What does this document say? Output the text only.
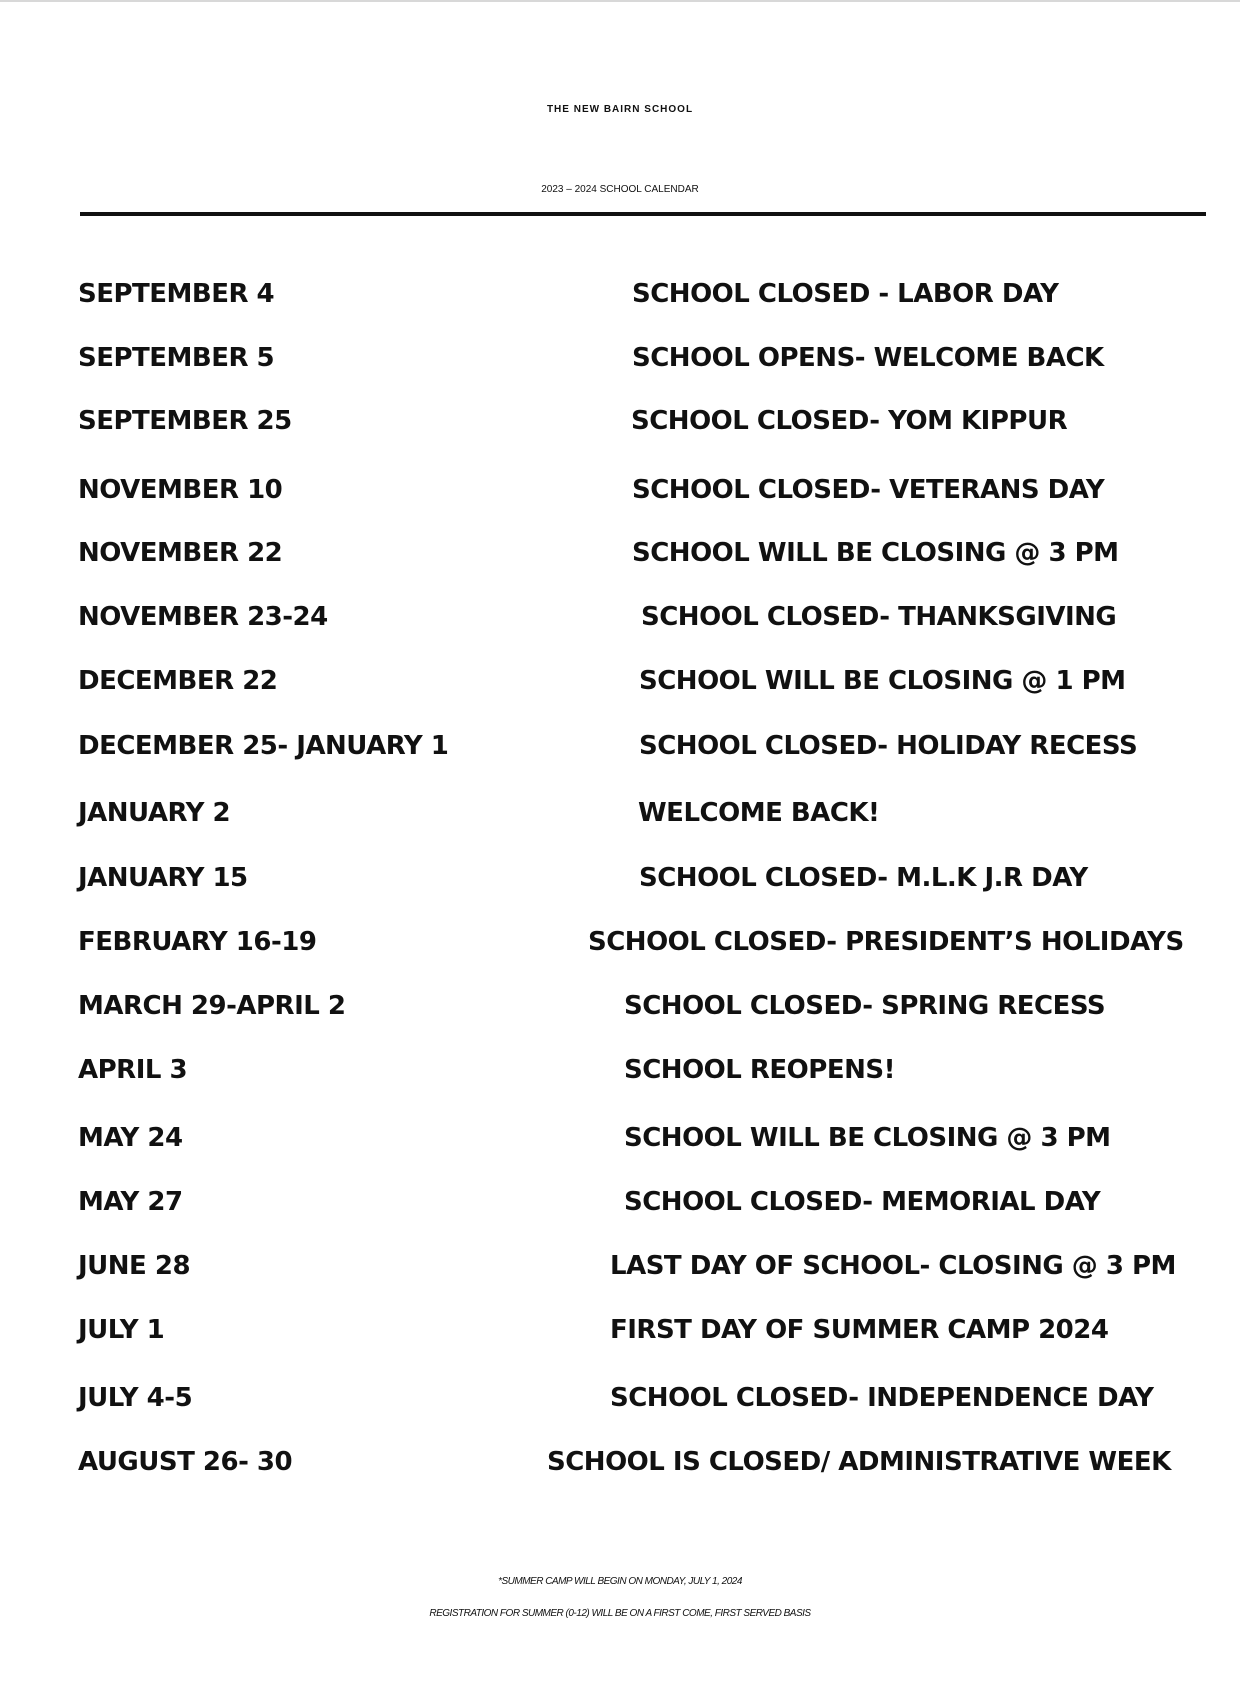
THE NEW BAIRN SCHOOL
2023 – 2024 SCHOOL CALENDAR
SEPTEMBER 4	SCHOOL CLOSED - LABOR DAY
SEPTEMBER 5	SCHOOL OPENS- WELCOME BACK
SEPTEMBER 25	SCHOOL CLOSED- YOM KIPPUR
NOVEMBER 10	SCHOOL CLOSED- VETERANS DAY
NOVEMBER 22	SCHOOL WILL BE CLOSING @ 3 PM
NOVEMBER 23-24	SCHOOL CLOSED- THANKSGIVING
DECEMBER 22	SCHOOL WILL BE CLOSING @ 1 PM
DECEMBER 25- JANUARY 1	SCHOOL CLOSED- HOLIDAY RECESS
JANUARY 2	WELCOME BACK!
JANUARY 15	SCHOOL CLOSED- M.L.K J.R DAY
FEBRUARY 16-19	SCHOOL CLOSED- PRESIDENT’S HOLIDAYS
MARCH 29-APRIL 2	SCHOOL CLOSED- SPRING RECESS
APRIL 3	SCHOOL REOPENS!
MAY 24	SCHOOL WILL BE CLOSING @ 3 PM
MAY 27	SCHOOL CLOSED- MEMORIAL DAY
JUNE 28	LAST DAY OF SCHOOL- CLOSING @ 3 PM
JULY 1	FIRST DAY OF SUMMER CAMP 2024
JULY 4-5	SCHOOL CLOSED- INDEPENDENCE DAY
AUGUST 26- 30	SCHOOL IS CLOSED/ ADMINISTRATIVE WEEK
*SUMMER CAMP WILL BEGIN ON MONDAY, JULY 1, 2024
REGISTRATION FOR SUMMER (0-12) WILL BE ON A FIRST COME, FIRST SERVED BASIS
